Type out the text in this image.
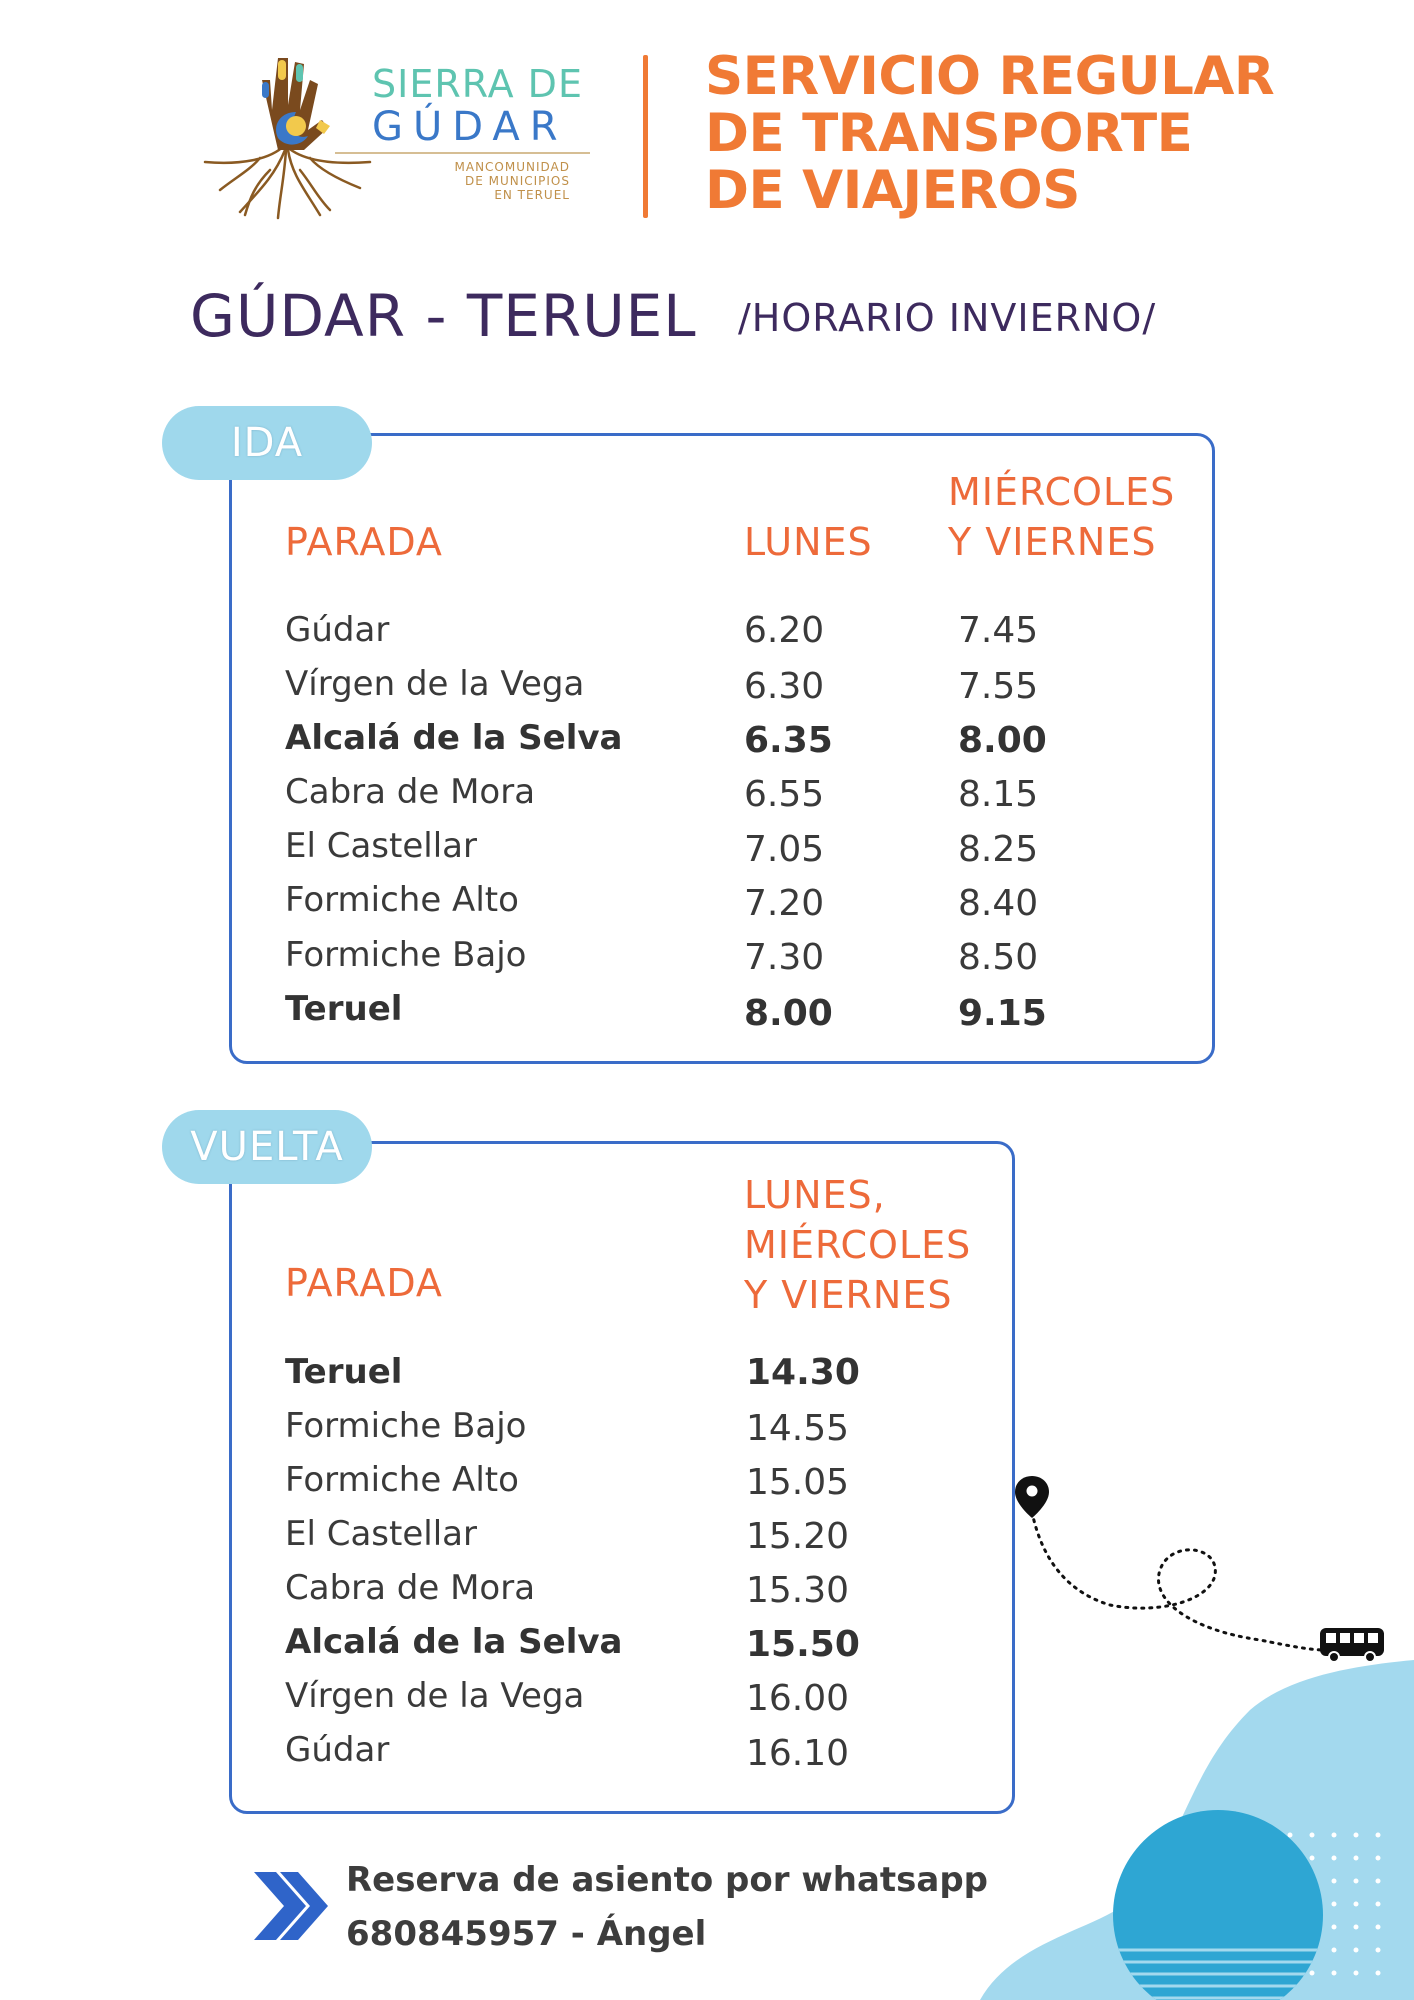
SIERRA DE
GÚDAR
MANCOMUNIDAD
DE MUNICIPIOS
EN TERUEL
SERVICIO REGULAR
DE TRANSPORTE
DE VIAJEROS
GÚDAR - TERUEL /HORARIO INVIERNO/
IDA
PARADA	LUNES
MIÉRCOLES
Y VIERNES
Gúdar	6.20	7.45
Vírgen de la Vega	6.30	7.55
Alcalá de la Selva	6.35	8.00
Cabra de Mora	6.55	8.15
El Castellar	7.05	8.25
Formiche Alto	7.20	8.40
Formiche Bajo	7.30	8.50
Teruel	8.00	9.15
VUELTA
PARADA
LUNES,
MIÉRCOLES
Y VIERNES
Teruel	14.30
Formiche Bajo	14.55
Formiche Alto	15.05
El Castellar	15.20
Cabra de Mora	15.30
Alcalá de la Selva	15.50
Vírgen de la Vega	16.00
Gúdar	16.10
Reserva de asiento por whatsapp
680845957 - Ángel
